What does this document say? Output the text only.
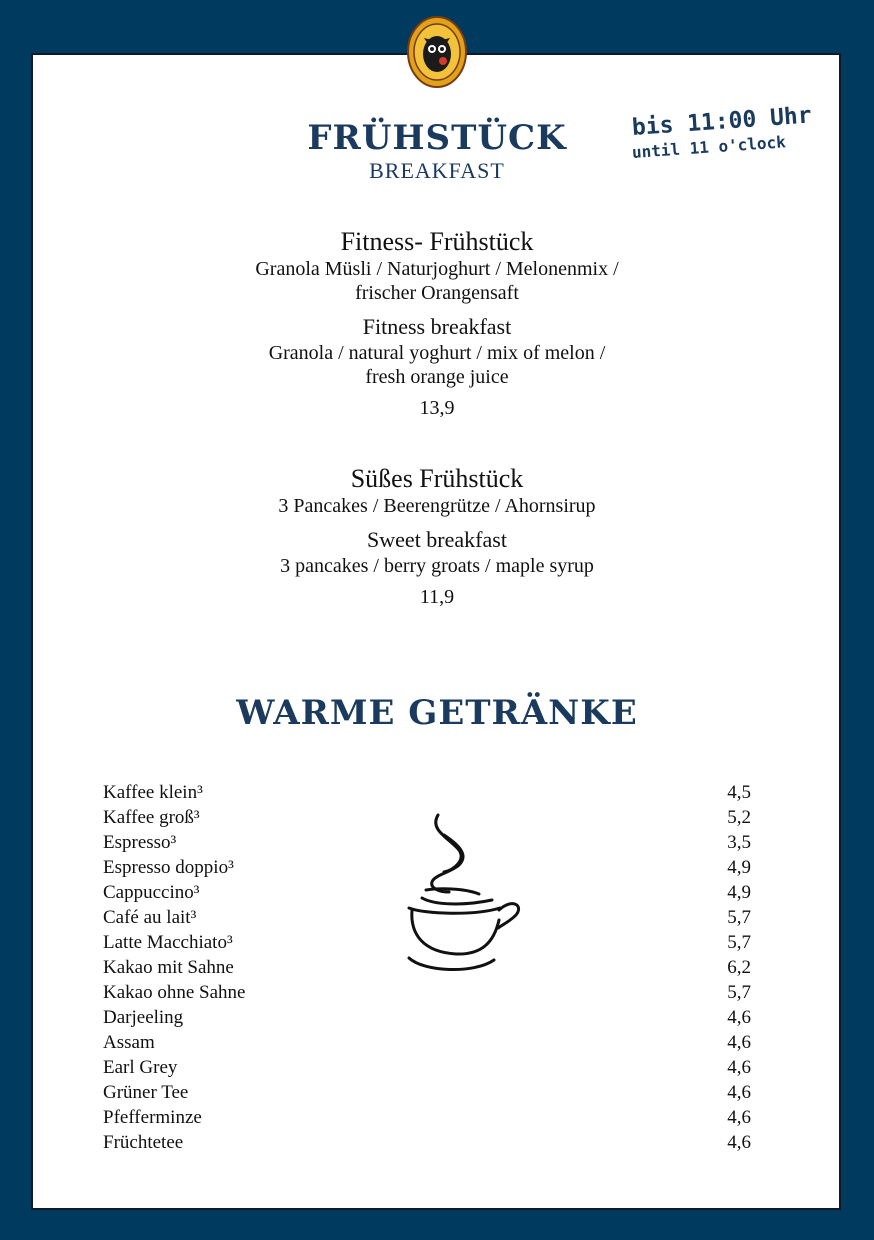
FRÜHSTÜCK
BREAKFAST
bis 11:00 Uhr
until 11 o'clock
Fitness- Frühstück
Granola Müsli / Naturjoghurt / Melonenmix /
frischer Orangensaft
Fitness breakfast
Granola / natural yoghurt / mix of melon /
fresh orange juice
13,9
Süßes Frühstück
3 Pancakes / Beerengrütze / Ahornsirup
Sweet breakfast
3 pancakes / berry groats / maple syrup
11,9
WARME GETRÄNKE
Kaffee klein³	4,5
Kaffee groß³	5,2
Espresso³	3,5
Espresso doppio³	4,9
Cappuccino³	4,9
Café au lait³	5,7
Latte Macchiato³	5,7
Kakao mit Sahne	6,2
Kakao ohne Sahne	5,7
Darjeeling	4,6
Assam	4,6
Earl Grey	4,6
Grüner Tee	4,6
Pfefferminze	4,6
Früchtetee	4,6
